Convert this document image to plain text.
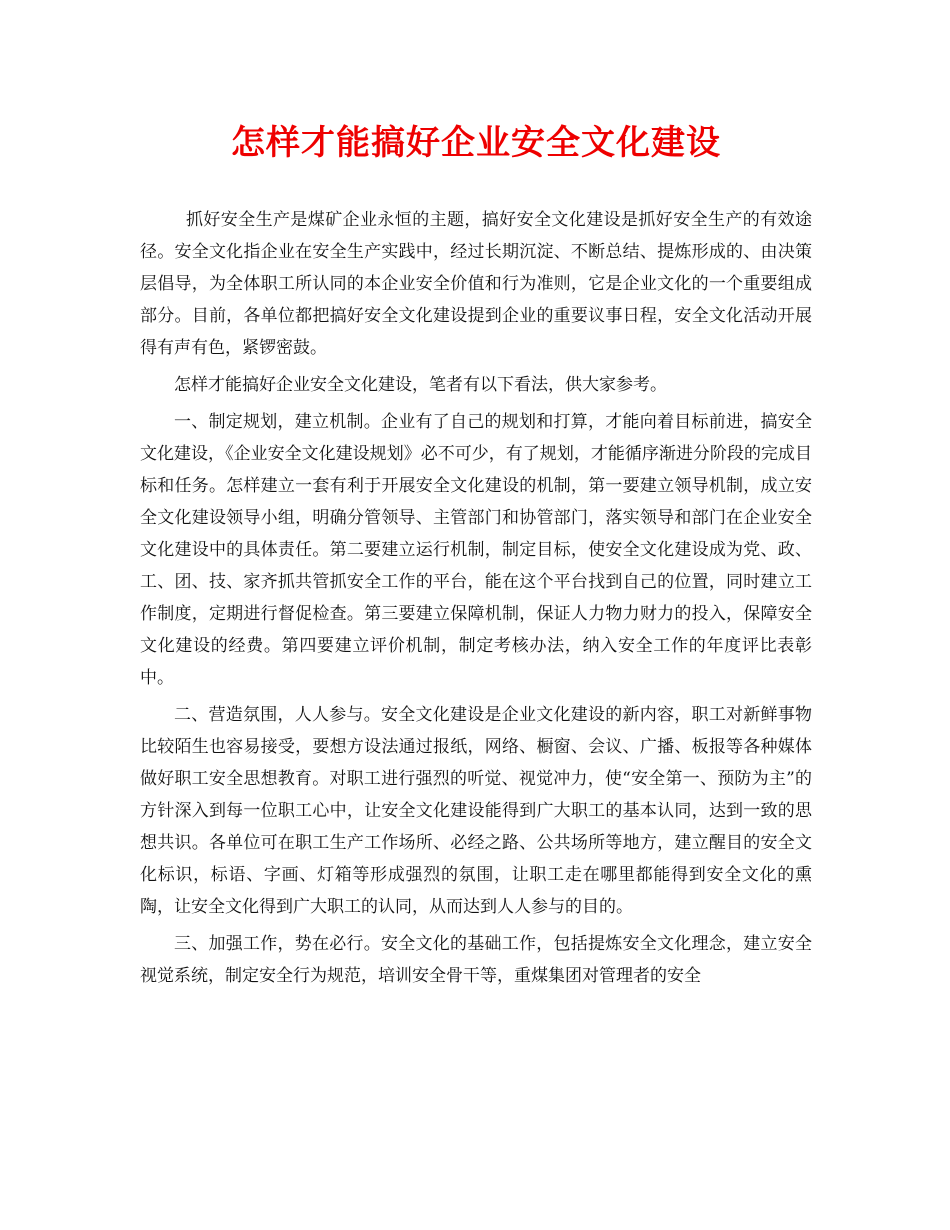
怎样才能搞好企业安全文化建设

抓好安全生产是煤矿企业永恒的主题，搞好安全文化建设是抓好安全生产的有效途径。安全文化指企业在安全生产实践中，经过长期沉淀、不断总结、提炼形成的、由决策层倡导，为全体职工所认同的本企业安全价值和行为准则，它是企业文化的一个重要组成部分。目前，各单位都把搞好安全文化建设提到企业的重要议事日程，安全文化活动开展得有声有色，紧锣密鼓。

怎样才能搞好企业安全文化建设，笔者有以下看法，供大家参考。

一、制定规划，建立机制。企业有了自己的规划和打算，才能向着目标前进，搞安全文化建设，《企业安全文化建设规划》必不可少，有了规划，才能循序渐进分阶段的完成目标和任务。怎样建立一套有利于开展安全文化建设的机制，第一要建立领导机制，成立安全文化建设领导小组，明确分管领导、主管部门和协管部门，落实领导和部门在企业安全文化建设中的具体责任。第二要建立运行机制，制定目标，使安全文化建设成为党、政、工、团、技、家齐抓共管抓安全工作的平台，能在这个平台找到自己的位置，同时建立工作制度，定期进行督促检查。第三要建立保障机制，保证人力物力财力的投入，保障安全文化建设的经费。第四要建立评价机制，制定考核办法，纳入安全工作的年度评比表彰中。

二、营造氛围，人人参与。安全文化建设是企业文化建设的新内容，职工对新鲜事物比较陌生也容易接受，要想方设法通过报纸，网络、橱窗、会议、广播、板报等各种媒体做好职工安全思想教育。对职工进行强烈的听觉、视觉冲力，使“安全第一、预防为主”的方针深入到每一位职工心中，让安全文化建设能得到广大职工的基本认同，达到一致的思想共识。各单位可在职工生产工作场所、必经之路、公共场所等地方，建立醒目的安全文化标识，标语、字画、灯箱等形成强烈的氛围，让职工走在哪里都能得到安全文化的熏陶，让安全文化得到广大职工的认同，从而达到人人参与的目的。

三、加强工作，势在必行。安全文化的基础工作，包括提炼安全文化理念，建立安全视觉系统，制定安全行为规范，培训安全骨干等，重煤集团对管理者的安全
